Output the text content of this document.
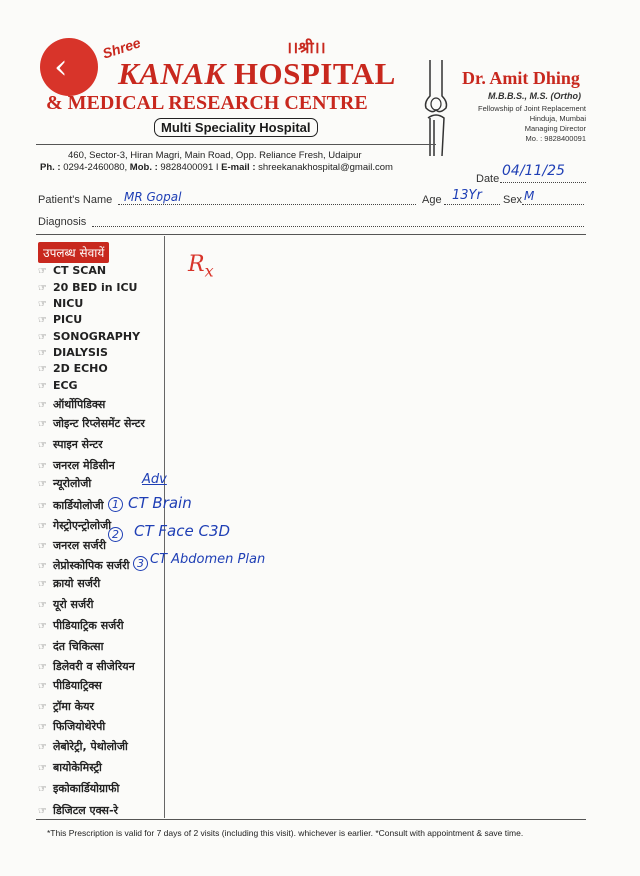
‹	।।श्री।।
Shree
KANAK HOSPITAL
& MEDICAL RESEARCH CENTRE
Multi Speciality Hospital
460, Sector-3, Hiran Magri, Main Road, Opp. Reliance Fresh, Udaipur
Ph. : 0294-2460080, Mob. : 9828400091 I E-mail : shreekanakhospital@gmail.com
Dr. Amit Dhing
M.B.B.S., M.S. (Ortho)
Fellowship of Joint Replacement
Hinduja, Mumbai
Managing Director
Mo. : 9828400091
Date 04/11/25
Patient's Name MR Gopal	Age 13Yr Sex M
Diagnosis
उपलब्ध सेवायें
☞ CT SCAN
☞ 20 BED in ICU
☞ NICU
☞ PICU
☞ SONOGRAPHY
☞ DIALYSIS
☞ 2D ECHO
☞ ECG
☞ ऑर्थोपिडिक्स
☞ जोइन्ट रिप्लेसमेंट सेन्टर
☞ स्पाइन सेन्टर
☞ जनरल मेडिसीन
☞ न्यूरोलोजी
☞ कार्डियोलोजी
☞ गेस्ट्रोएन्ट्रोलोजी
☞ जनरल सर्जरी
☞ लेप्रोस्कोपिक सर्जरी
☞ क्रायो सर्जरी
☞ यूरो सर्जरी
☞ पीडियाट्रिक सर्जरी
☞ दंत चिकित्सा
☞ डिलेवरी व सीजेरियन
☞ पीडियाट्रिक्स
☞ ट्रॉमा केयर
☞ फिजियोथेरेपी
☞ लेबोरेट्री, पेथोलोजी
☞ बायोकेमिस्ट्री
☞ इकोकार्डियोग्राफी
☞ डिजिटल एक्स-रे
$R_x$
Adv
1 CT Brain
2 CT Face C3D
3 CT Abdomen Plan
*This Prescription is valid for 7 days of 2 visits (including this visit). whichever is earlier. *Consult with appointment & save time.
